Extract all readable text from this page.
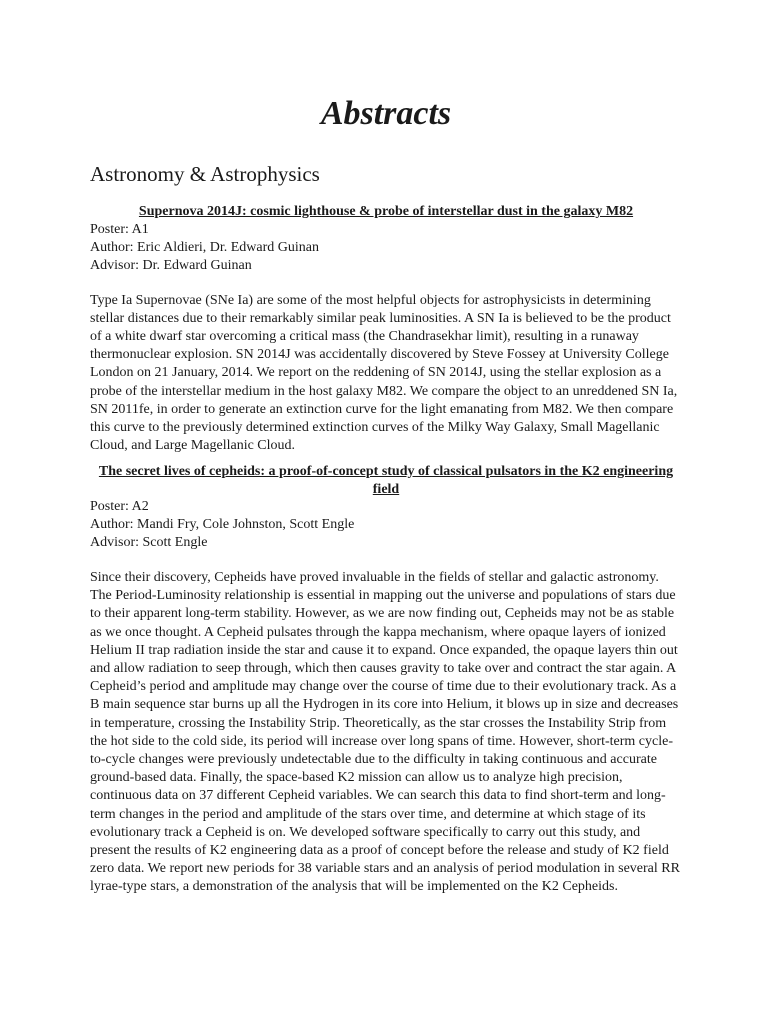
Abstracts
Astronomy & Astrophysics

Supernova 2014J: cosmic lighthouse & probe of interstellar dust in the galaxy M82

Poster: A1

Author: Eric Aldieri, Dr. Edward Guinan

Advisor: Dr. Edward Guinan

Type Ia Supernovae (SNe Ia) are some of the most helpful objects for astrophysicists in determining stellar distances due to their remarkably similar peak luminosities. A SN Ia is believed to be the product of a white dwarf star overcoming a critical mass (the Chandrasekhar limit), resulting in a runaway thermonuclear explosion. SN 2014J was accidentally discovered by Steve Fossey at University College London on 21 January, 2014. We report on the reddening of SN 2014J, using the stellar explosion as a probe of the interstellar medium in the host galaxy M82. We compare the object to an unreddened SN Ia, SN 2011fe, in order to generate an extinction curve for the light emanating from M82. We then compare this curve to the previously determined extinction curves of the Milky Way Galaxy, Small Magellanic Cloud, and Large Magellanic Cloud.

The secret lives of cepheids: a proof-of-concept study of classical pulsators in the K2 engineering field

Poster: A2

Author: Mandi Fry, Cole Johnston, Scott Engle

Advisor: Scott Engle

Since their discovery, Cepheids have proved invaluable in the fields of stellar and galactic astronomy. The Period-Luminosity relationship is essential in mapping out the universe and populations of stars due to their apparent long-term stability. However, as we are now finding out, Cepheids may not be as stable as we once thought. A Cepheid pulsates through the kappa mechanism, where opaque layers of ionized Helium II trap radiation inside the star and cause it to expand. Once expanded, the opaque layers thin out and allow radiation to seep through, which then causes gravity to take over and contract the star again. A Cepheid’s period and amplitude may change over the course of time due to their evolutionary track. As a B main sequence star burns up all the Hydrogen in its core into Helium, it blows up in size and decreases in temperature, crossing the Instability Strip. Theoretically, as the star crosses the Instability Strip from the hot side to the cold side, its period will increase over long spans of time. However, short-term cycle-to-cycle changes were previously undetectable due to the difficulty in taking continuous and accurate ground-based data. Finally, the space-based K2 mission can allow us to analyze high precision, continuous data on 37 different Cepheid variables. We can search this data to find short-term and long-term changes in the period and amplitude of the stars over time, and determine at which stage of its evolutionary track a Cepheid is on. We developed software specifically to carry out this study, and present the results of K2 engineering data as a proof of concept before the release and study of K2 field zero data. We report new periods for 38 variable stars and an analysis of period modulation in several RR lyrae-type stars, a demonstration of the analysis that will be implemented on the K2 Cepheids.
